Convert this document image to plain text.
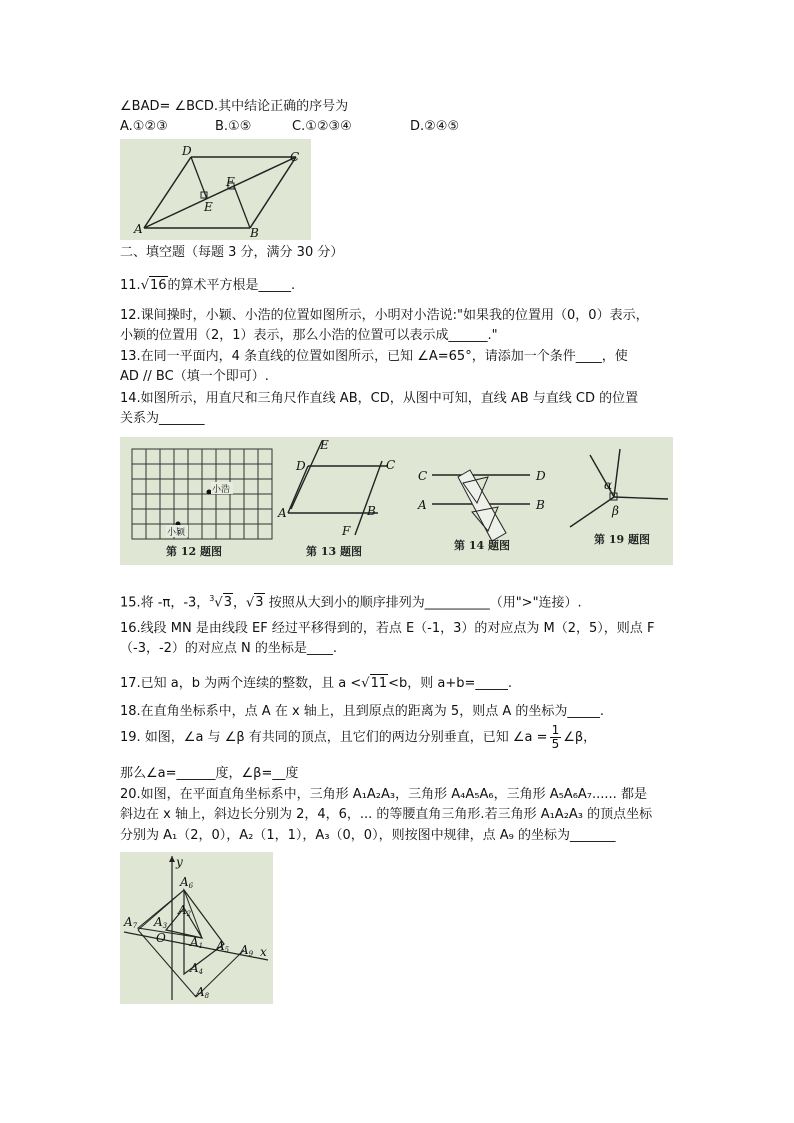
∠BAD= ∠BCD.其中结论正确的序号为
A.①②③	B.①⑤	C.①②③④	D.②④⑤
D	C
A	B
E
F
二、填空题（每题 3 分，满分 30 分）
11.√16的算术平方根是_____.
12.课间操时，小颖、小浩的位置如图所示，小明对小浩说:"如果我的位置用（0，0）表示，
小颖的位置用（2，1）表示，那么小浩的位置可以表示成______."
13.在同一平面内，4 条直线的位置如图所示，已知 ∠A=65°，请添加一个条件____，使
AD // BC（填一个即可）.
14.如图所示，用直尺和三角尺作直线 AB，CD，从图中可知，直线 AB 与直线 CD 的位置
关系为_______
小浩
小颖
第 12 题图
E
D	C
A	B
F
第 13 题图
C	D
A	B
第 14 题图
α
β
第 19 题图
15.将 -π，-3，$^3$√3，√3 按照从大到小的顺序排列为__________（用">"连接）.
16.线段 MN 是由线段 EF 经过平移得到的，若点 E（-1，3）的对应点为 M（2，5），则点 F
（-3，-2）的对应点 N 的坐标是____.
17.已知 a，b 为两个连续的整数，且 a <√11<b，则 a+b=_____.
18.在直角坐标系中，点 A 在 x 轴上，且到原点的距离为 5，则点 A 的坐标为_____.
19. 如图，∠a 与 ∠β 有共同的顶点，且它们的两边分别垂直，已知 ∠a = $\frac{1}{5}$ ∠β，
那么∠a=______度，∠β=__度
20.如图，在平面直角坐标系中，三角形 A₁A₂A₃，三角形 A₄A₅A₆，三角形 A₅A₆A₇...... 都是
斜边在 x 轴上，斜边长分别为 2，4，6，... 的等腰直角三角形.若三角形 A₁A₂A₃ 的顶点坐标
分别为 A₁（2，0），A₂（1，1），A₃（0，0），则按图中规律，点 A₉ 的坐标为_______
A6
A2
A3
A7
O A1 A5 A9 x
y
A4
A8
